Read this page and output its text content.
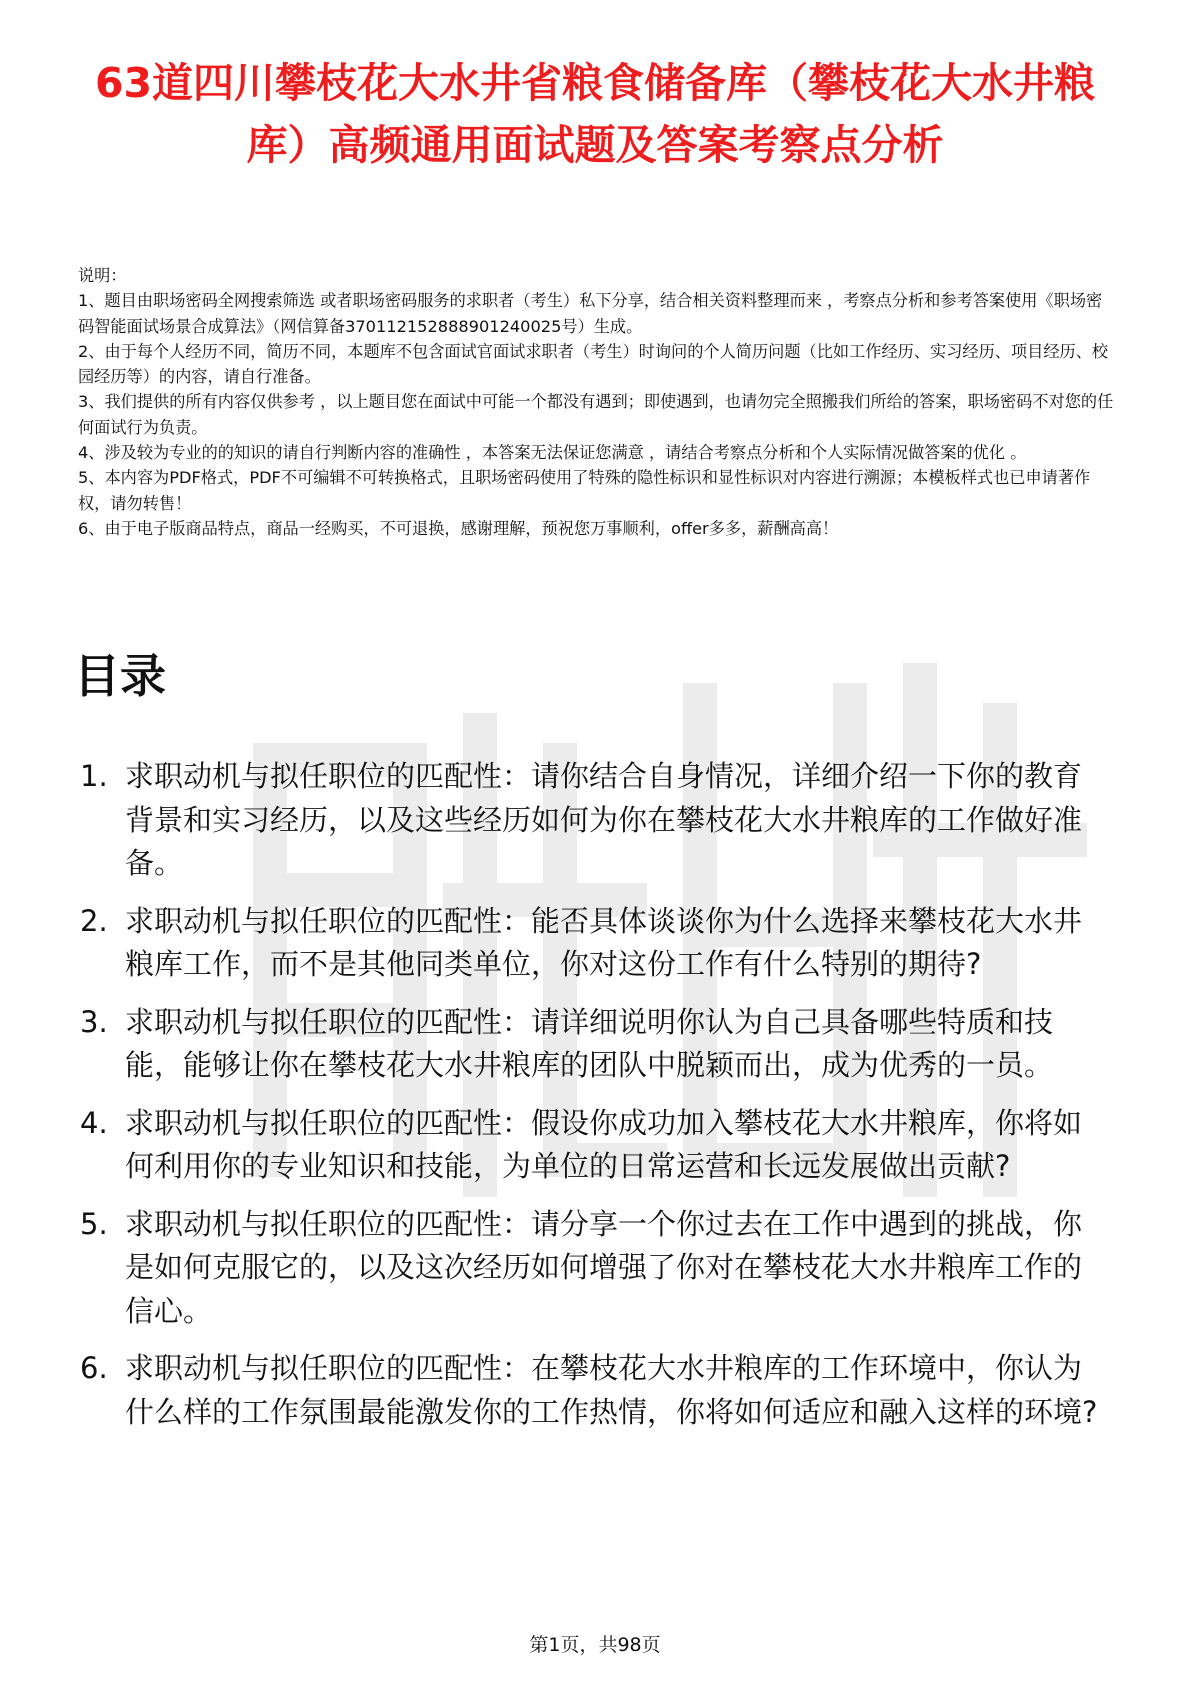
63道四川攀枝花大水井省粮食储备库（攀枝花大水井粮库）高频通用面试题及答案考察点分析

说明：

1、题目由职场密码全网搜索筛选 或者职场密码服务的求职者（考生）私下分享，结合相关资料整理而来 ，考察点分析和参考答案使用《职场密码智能面试场景合成算法》（网信算备370112152888901240025号）生成。

2、由于每个人经历不同，简历不同，本题库不包含面试官面试求职者（考生）时询问的个人简历问题（比如工作经历、实习经历、项目经历、校园经历等）的内容，请自行准备。

3、我们提供的所有内容仅供参考 ，以上题目您在面试中可能一个都没有遇到；即使遇到，也请勿完全照搬我们所给的答案，职场密码不对您的任何面试行为负责。

4、涉及较为专业的的知识的请自行判断内容的准确性 ，本答案无法保证您满意 ，请结合考察点分析和个人实际情况做答案的优化 。

5、本内容为PDF格式，PDF不可编辑不可转换格式，且职场密码使用了特殊的隐性标识和显性标识对内容进行溯源；本模板样式也已申请著作权，请勿转售！

6、由于电子版商品特点，商品一经购买，不可退换，感谢理解，预祝您万事顺利，offer多多，薪酬高高！

目录
1. 求职动机与拟任职位的匹配性：请你结合自身情况，详细介绍一下你的教育背景和实习经历，以及这些经历如何为你在攀枝花大水井粮库的工作做好准备。
2. 求职动机与拟任职位的匹配性：能否具体谈谈你为什么选择来攀枝花大水井粮库工作，而不是其他同类单位，你对这份工作有什么特别的期待?
3. 求职动机与拟任职位的匹配性：请详细说明你认为自己具备哪些特质和技能，能够让你在攀枝花大水井粮库的团队中脱颖而出，成为优秀的一员。
4. 求职动机与拟任职位的匹配性：假设你成功加入攀枝花大水井粮库，你将如何利用你的专业知识和技能，为单位的日常运营和长远发展做出贡献?
5. 求职动机与拟任职位的匹配性：请分享一个你过去在工作中遇到的挑战，你是如何克服它的，以及这次经历如何增强了你对在攀枝花大水井粮库工作的信心。
6. 求职动机与拟任职位的匹配性：在攀枝花大水井粮库的工作环境中，你认为什么样的工作氛围最能激发你的工作热情，你将如何适应和融入这样的环境?
第1页，共98页
